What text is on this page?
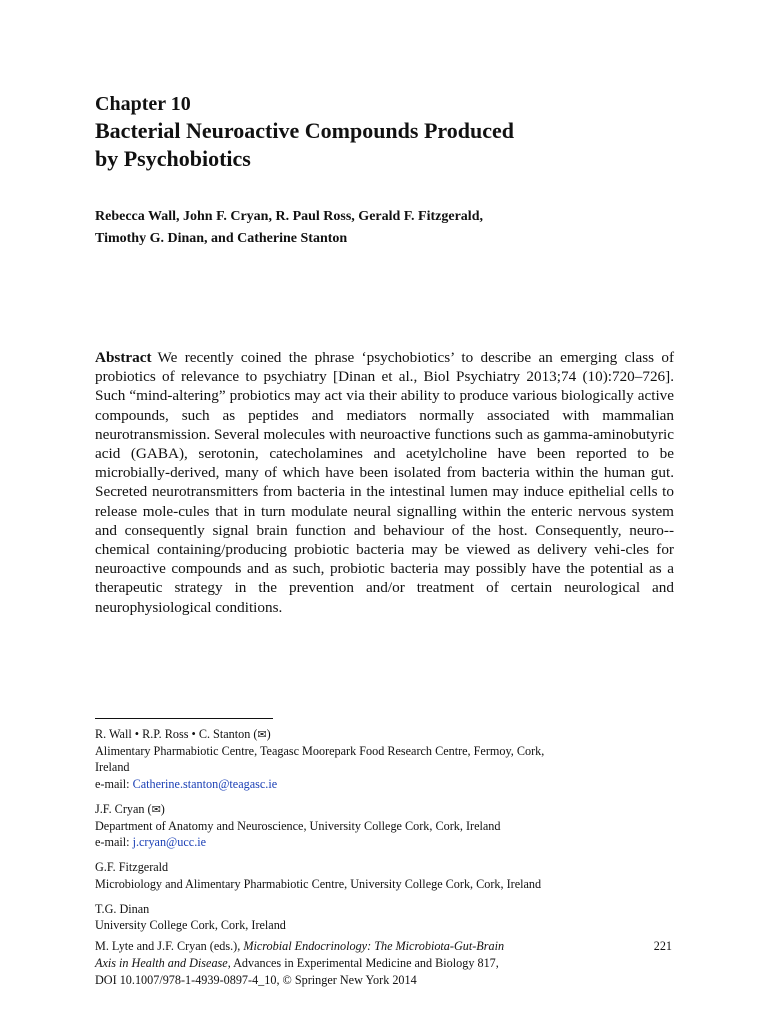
Chapter 10
Bacterial Neuroactive Compounds Produced
by Psychobiotics
Rebecca Wall, John F. Cryan, R. Paul Ross, Gerald F. Fitzgerald,
Timothy G. Dinan, and Catherine Stanton
Abstract We recently coined the phrase ‘psychobiotics’ to describe an emerging class of probiotics of relevance to psychiatry [Dinan et al., Biol Psychiatry 2013;74 (10):720–726]. Such “mind-altering” probiotics may act via their ability to produce various biologically active compounds, such as peptides and mediators normally associated with mammalian neurotransmission. Several molecules with neuroactive functions such as gamma-aminobutyric acid (GABA), serotonin, catecholamines and acetylcholine have been reported to be microbially-derived, many of which have been isolated from bacteria within the human gut. Secreted neurotransmitters from bacteria in the intestinal lumen may induce epithelial cells to release mole-cules that in turn modulate neural signalling within the enteric nervous system and consequently signal brain function and behaviour of the host. Consequently, neuro-chemical containing/producing probiotic bacteria may be viewed as delivery vehi-cles for neuroactive compounds and as such, probiotic bacteria may possibly have the potential as a therapeutic strategy in the prevention and/or treatment of certain neurological and neurophysiological conditions.
R. Wall • R.P. Ross • C. Stanton (✉)
Alimentary Pharmabiotic Centre, Teagasc Moorepark Food Research Centre, Fermoy, Cork,
Ireland
e-mail: Catherine.stanton@teagasc.ie
J.F. Cryan (✉)
Department of Anatomy and Neuroscience, University College Cork, Cork, Ireland
e-mail: j.cryan@ucc.ie
G.F. Fitzgerald
Microbiology and Alimentary Pharmabiotic Centre, University College Cork, Cork, Ireland
T.G. Dinan
University College Cork, Cork, Ireland
M. Lyte and J.F. Cryan (eds.), Microbial Endocrinology: The Microbiota-Gut-Brain
Axis in Health and Disease, Advances in Experimental Medicine and Biology 817,
DOI 10.1007/978-1-4939-0897-4_10, © Springer New York 2014
221
